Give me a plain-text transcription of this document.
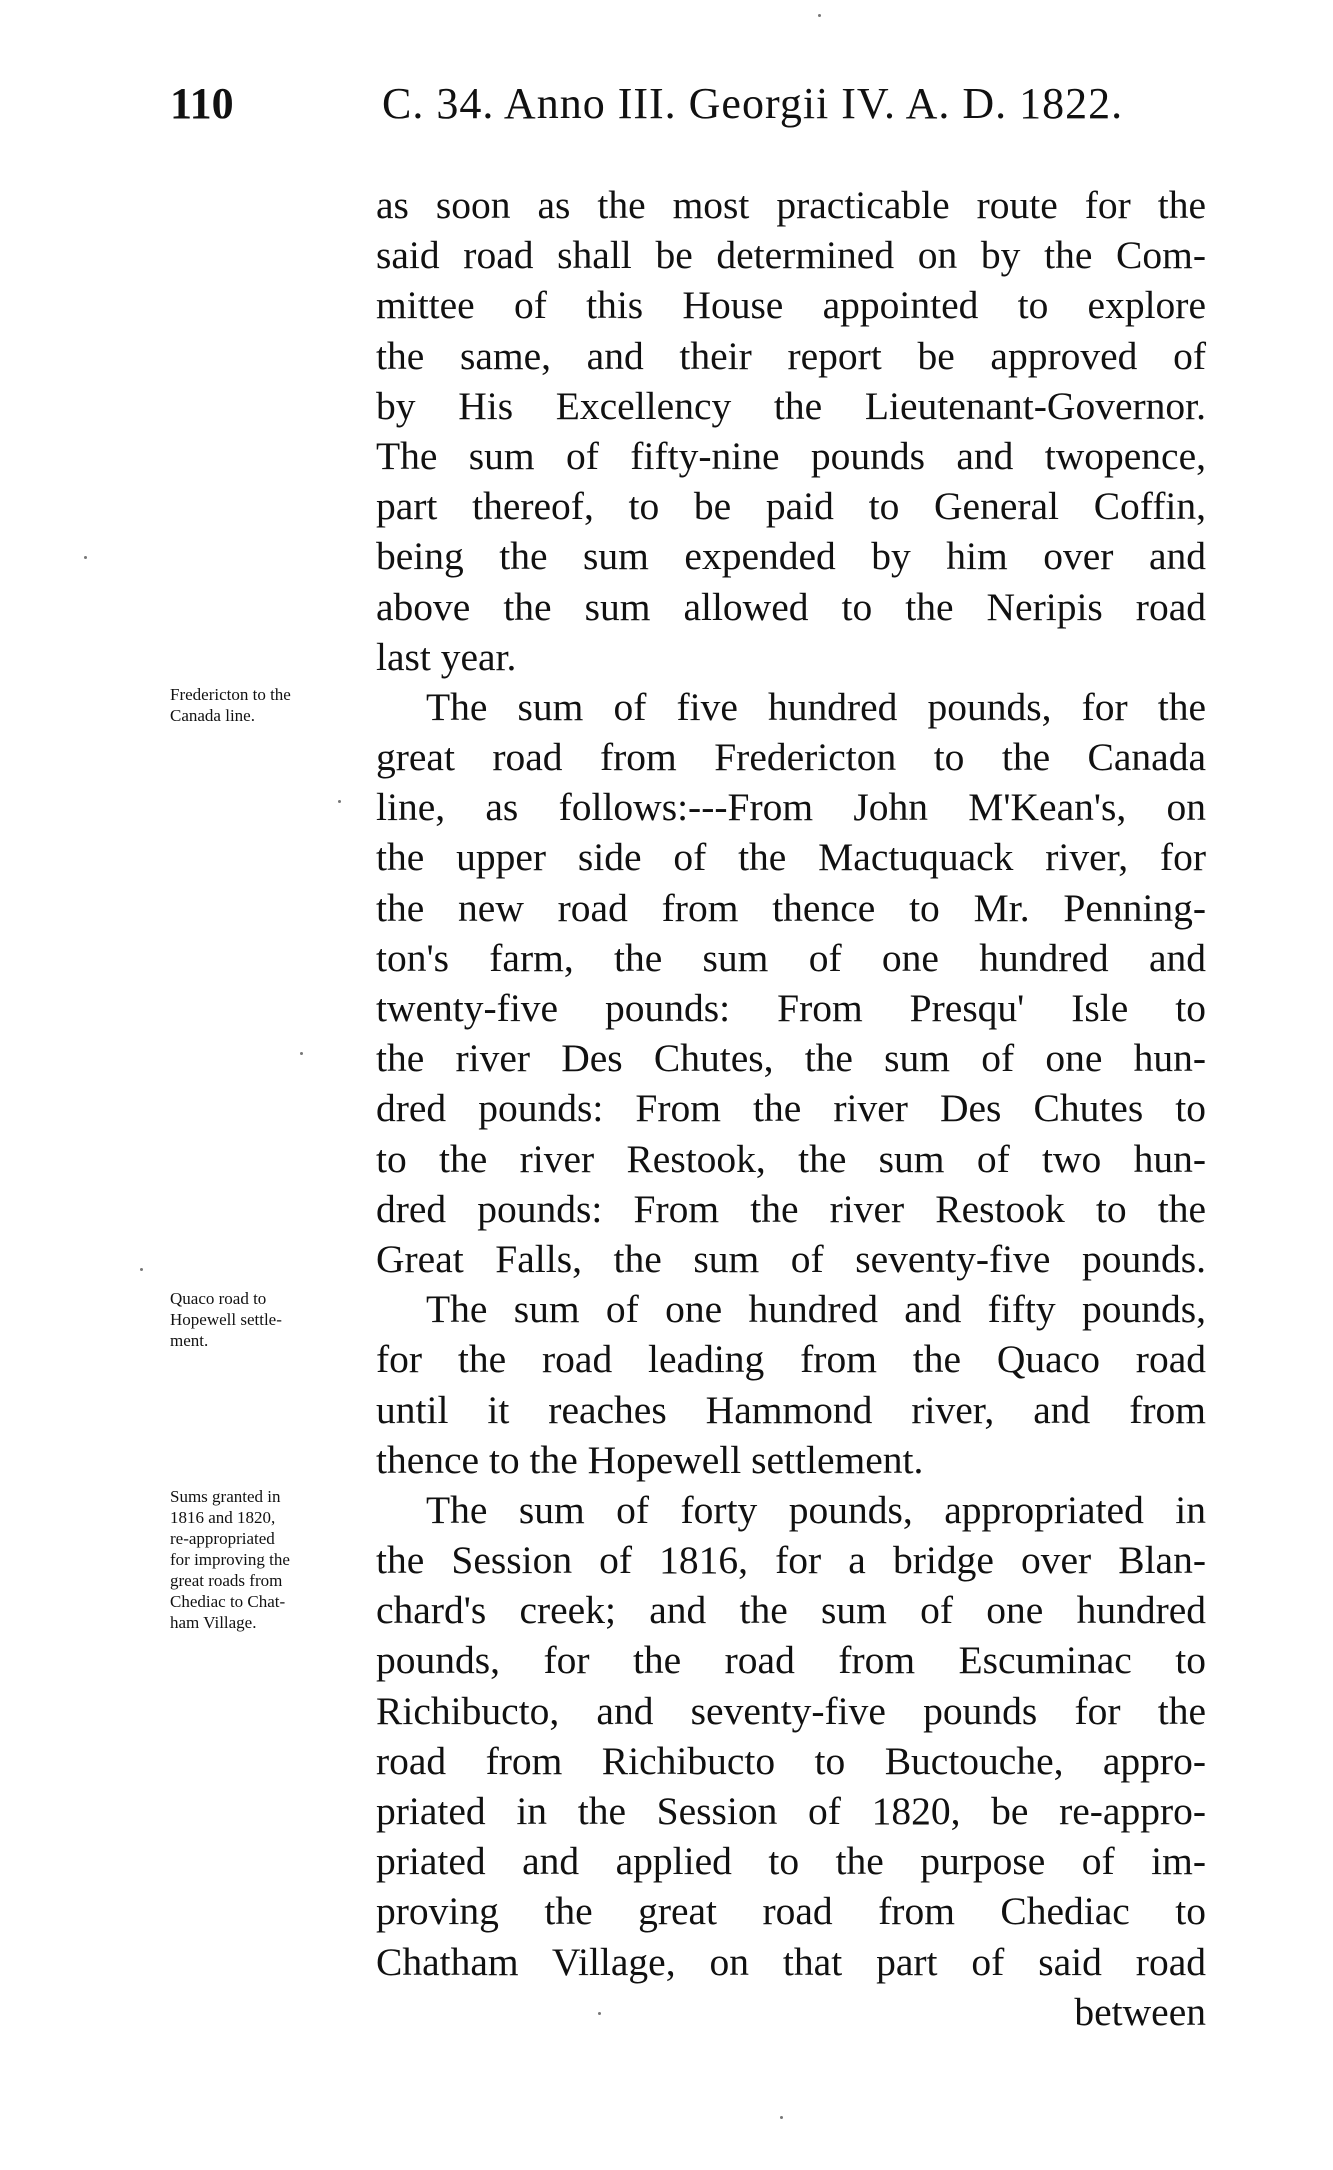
110	C. 34. Anno III. Georgii IV. A. D. 1822.
as soon as the most practicable route for the
said road shall be determined on by the Com-
mittee of this House appointed to explore
the same, and their report be approved of
by His Excellency the Lieutenant-Governor.
The sum of fifty-nine pounds and twopence,
part thereof, to be paid to General Coffin,
being the sum expended by him over and
above the sum allowed to the Neripis road
last year.
The sum of five hundred pounds, for the
great road from Fredericton to the Canada
line, as follows:---From John M'Kean's, on
the upper side of the Mactuquack river, for
the new road from thence to Mr. Penning-
ton's farm, the sum of one hundred and
twenty-five pounds: From Presqu' Isle to
the river Des Chutes, the sum of one hun-
dred pounds: From the river Des Chutes to
to the river Restook, the sum of two hun-
dred pounds: From the river Restook to the
Great Falls, the sum of seventy-five pounds.
The sum of one hundred and fifty pounds,
for the road leading from the Quaco road
until it reaches Hammond river, and from
thence to the Hopewell settlement.
The sum of forty pounds, appropriated in
the Session of 1816, for a bridge over Blan-
chard's creek; and the sum of one hundred
pounds, for the road from Escuminac to
Richibucto, and seventy-five pounds for the
road from Richibucto to Buctouche, appro-
priated in the Session of 1820, be re-appro-
priated and applied to the purpose of im-
proving the great road from Chediac to
Chatham Village, on that part of said road
between
Fredericton to the
Canada line.
Quaco road to
Hopewell settle-
ment.
Sums granted in
1816 and 1820,
re-appropriated
for improving the
great roads from
Chediac to Chat-
ham Village.
